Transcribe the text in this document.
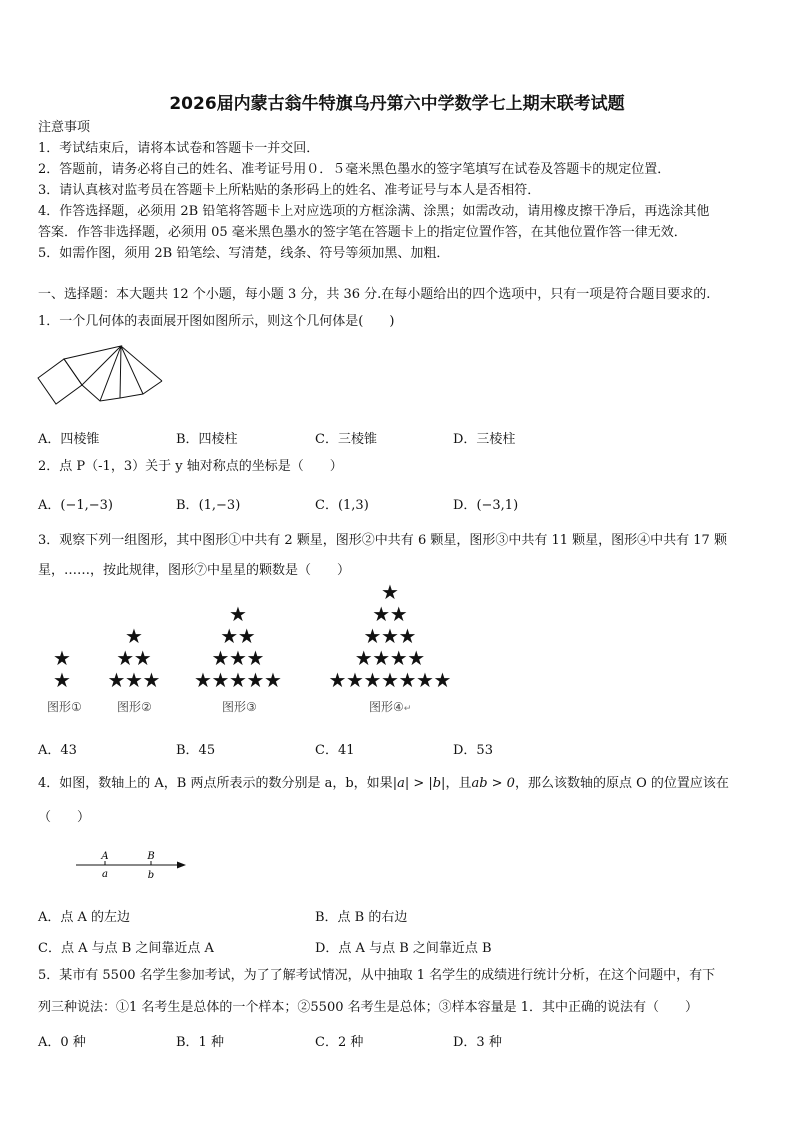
2026届内蒙古翁牛特旗乌丹第六中学数学七上期末联考试题
注意事项
1．考试结束后，请将本试卷和答题卡一并交回．
2．答题前，请务必将自己的姓名、准考证号用０．５毫米黑色墨水的签字笔填写在试卷及答题卡的规定位置．
3．请认真核对监考员在答题卡上所粘贴的条形码上的姓名、准考证号与本人是否相符．
4．作答选择题，必须用 2B 铅笔将答题卡上对应选项的方框涂满、涂黑；如需改动，请用橡皮擦干净后，再选涂其他
答案．作答非选择题，必须用 05 毫米黑色墨水的签字笔在答题卡上的指定位置作答，在其他位置作答一律无效．
5．如需作图，须用 2B 铅笔绘、写清楚，线条、符号等须加黑、加粗．
一、选择题：本大题共 12 个小题，每小题 3 分，共 36 分.在每小题给出的四个选项中，只有一项是符合题目要求的.
1．一个几何体的表面展开图如图所示，则这个几何体是(　　)
A．四棱锥	B．四棱柱	C．三棱锥	D．三棱柱
2．点 P（-1，3）关于 y 轴对称点的坐标是（　　）
A．(−1,−3)	B．(1,−3)	C．(1,3)	D．(−3,1)
3．观察下列一组图形，其中图形①中共有 2 颗星，图形②中共有 6 颗星，图形③中共有 11 颗星，图形④中共有 17 颗
星，……，按此规律，图形⑦中星星的颗数是（　　）
★
★
★
★ ★
★ ★ ★
★
★ ★
★ ★ ★
★ ★ ★ ★ ★
★
★ ★
★ ★ ★
★ ★ ★ ★
★ ★ ★ ★ ★ ★ ★
图形①	图形②	图形③	图形④↵
A．43	B．45	C．41	D．53
4．如图，数轴上的 A，B 两点所表示的数分别是 a，b，如果|a| > |b|，且ab > 0，那么该数轴的原点 O 的位置应该在
（　　）
A	B
a	b
A．点 A 的左边	B．点 B 的右边
C．点 A 与点 B 之间靠近点 A	D．点 A 与点 B 之间靠近点 B
5．某市有 5500 名学生参加考试，为了了解考试情况，从中抽取 1 名学生的成绩进行统计分析，在这个问题中，有下
列三种说法：①1 名考生是总体的一个样本；②5500 名考生是总体；③样本容量是 1．其中正确的说法有（　　）
A．0 种	B．1 种	C．2 种	D．3 种
